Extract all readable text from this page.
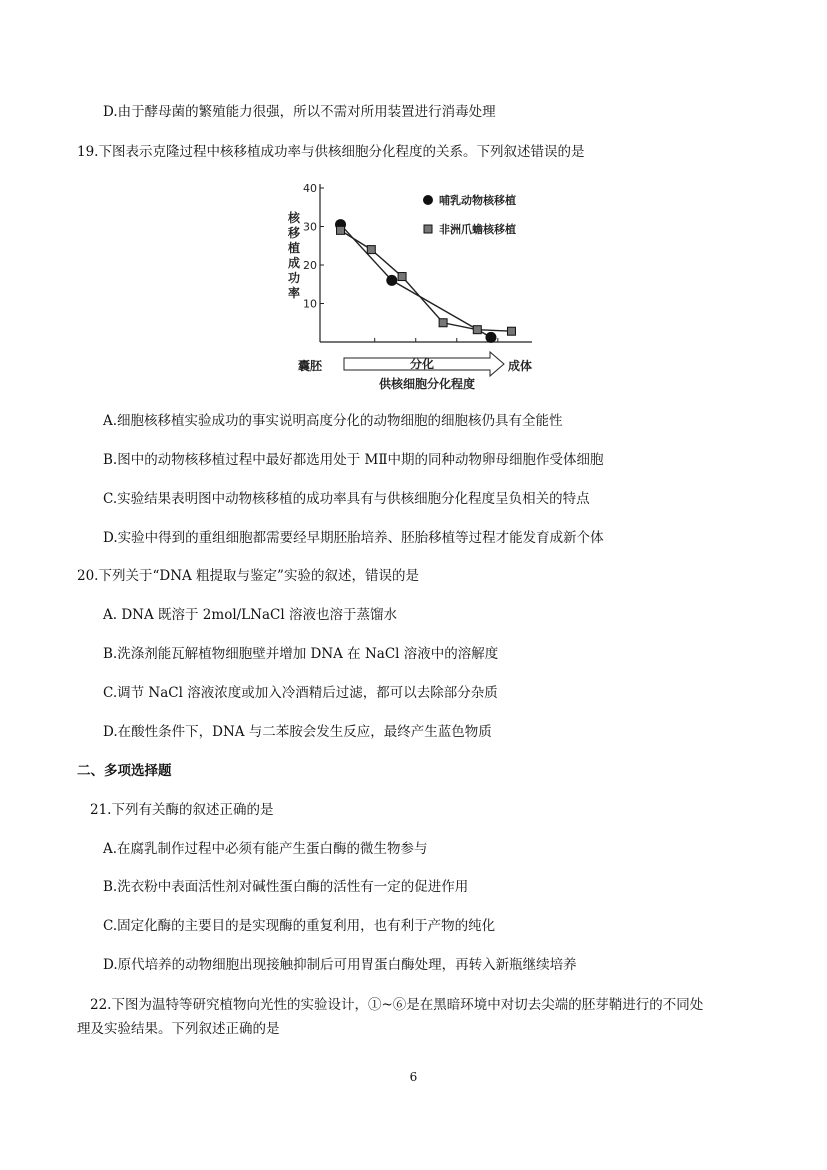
D.由于酵母菌的繁殖能力很强，所以不需对所用装置进行消毒处理
19.下图表示克隆过程中核移植成功率与供核细胞分化程度的关系。下列叙述错误的是
10
20
30
40
核
移
植
成
功
率
哺乳动物核移植
非洲爪蟾核移植
囊胚	分化	成体
供核细胞分化程度
A.细胞核移植实验成功的事实说明高度分化的动物细胞的细胞核仍具有全能性
B.图中的动物核移植过程中最好都选用处于 MⅡ中期的同种动物卵母细胞作受体细胞
C.实验结果表明图中动物核移植的成功率具有与供核细胞分化程度呈负相关的特点
D.实验中得到的重组细胞都需要经早期胚胎培养、胚胎移植等过程才能发育成新个体
20.下列关于“DNA 粗提取与鉴定”实验的叙述，错误的是
A. DNA 既溶于 2mol/LNaCl 溶液也溶于蒸馏水
B.洗涤剂能瓦解植物细胞壁并增加 DNA 在 NaCl 溶液中的溶解度
C.调节 NaCl 溶液浓度或加入冷酒精后过滤，都可以去除部分杂质
D.在酸性条件下，DNA 与二苯胺会发生反应，最终产生蓝色物质
二、多项选择题
21.下列有关酶的叙述正确的是
A.在腐乳制作过程中必须有能产生蛋白酶的微生物参与
B.洗衣粉中表面活性剂对碱性蛋白酶的活性有一定的促进作用
C.固定化酶的主要目的是实现酶的重复利用，也有利于产物的纯化
D.原代培养的动物细胞出现接触抑制后可用胃蛋白酶处理，再转入新瓶继续培养
22.下图为温特等研究植物向光性的实验设计，①~⑥是在黑暗环境中对切去尖端的胚芽鞘进行的不同处
理及实验结果。下列叙述正确的是
6
